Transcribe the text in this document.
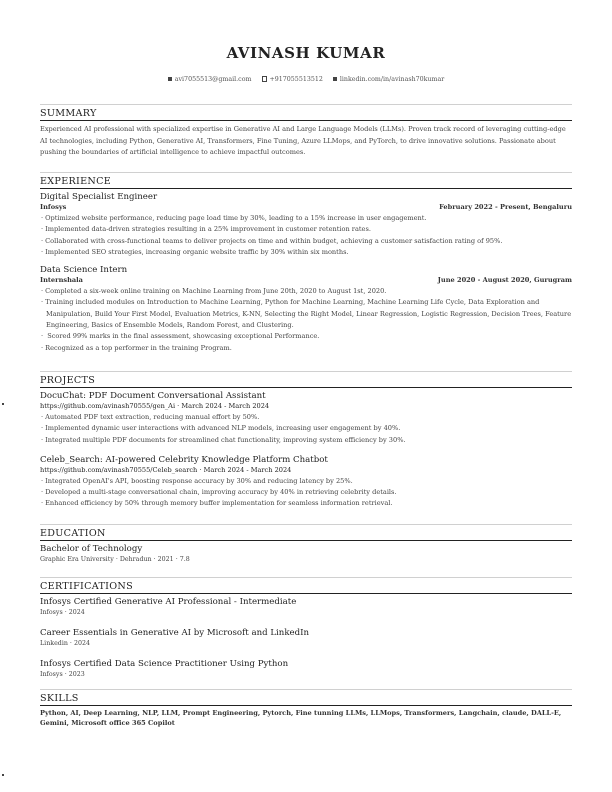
AVINASH KUMAR
avi7055513@gmail.com	+917055513512	linkedin.com/in/avinash70kumar
SUMMARY
Experienced AI professional with specialized expertise in Generative AI and Large Language Models (LLMs). Proven track record of leveraging cutting-edge AI technologies, including Python, Generative AI, Transformers, Fine Tuning, Azure LLMops, and PyTorch, to drive innovative solutions. Passionate about pushing the boundaries of artificial intelligence to achieve impactful outcomes.
EXPERIENCE
Digital Specialist Engineer
Infosys	February 2022 - Present, Bengaluru
· Optimized website performance, reducing page load time by 30%, leading to a 15% increase in user engagement.
· Implemented data-driven strategies resulting in a 25% improvement in customer retention rates.
· Collaborated with cross-functional teams to deliver projects on time and within budget, achieving a customer satisfaction rating of 95%.
· Implemented SEO strategies, increasing organic website traffic by 30% within six months.
Data Science Intern
Internshala	June 2020 - August 2020, Gurugram
· Completed a six-week online training on Machine Learning from June 20th, 2020 to August 1st, 2020.
· Training included modules on Introduction to Machine Learning, Python for Machine Learning, Machine Learning Life Cycle, Data Exploration and Manipulation, Build Your First Model, Evaluation Metrics, K-NN, Selecting the Right Model, Linear Regression, Logistic Regression, Decision Trees, Feature Engineering, Basics of Ensemble Models, Random Forest, and Clustering.
· Scored 99% marks in the final assessment, showcasing exceptional Performance.
· Recognized as a top performer in the training Program.
PROJECTS
DocuChat: PDF Document Conversational Assistant
https://github.com/avinash70555/gen_Ai · March 2024 - March 2024
· Automated PDF text extraction, reducing manual effort by 50%.
· Implemented dynamic user interactions with advanced NLP models, increasing user engagement by 40%.
· Integrated multiple PDF documents for streamlined chat functionality, improving system efficiency by 30%.
Celeb_Search: AI-powered Celebrity Knowledge Platform Chatbot
https://github.com/avinash70555/Celeb_search · March 2024 - March 2024
· Integrated OpenAI's API, boosting response accuracy by 30% and reducing latency by 25%.
· Developed a multi-stage conversational chain, improving accuracy by 40% in retrieving celebrity details.
· Enhanced efficiency by 50% through memory buffer implementation for seamless information retrieval.
EDUCATION
Bachelor of Technology
Graphic Era University · Dehradun · 2021 · 7.8
CERTIFICATIONS
Infosys Certified Generative AI Professional - Intermediate
Infosys · 2024
Career Essentials in Generative AI by Microsoft and LinkedIn
Linkedin · 2024
Infosys Certified Data Science Practitioner Using Python
Infosys · 2023
SKILLS
Python, AI, Deep Learning, NLP, LLM, Prompt Engineering, Pytorch, Fine tunning LLMs, LLMops, Transformers, Langchain, claude, DALL-E, Gemini, Microsoft office 365 Copilot
